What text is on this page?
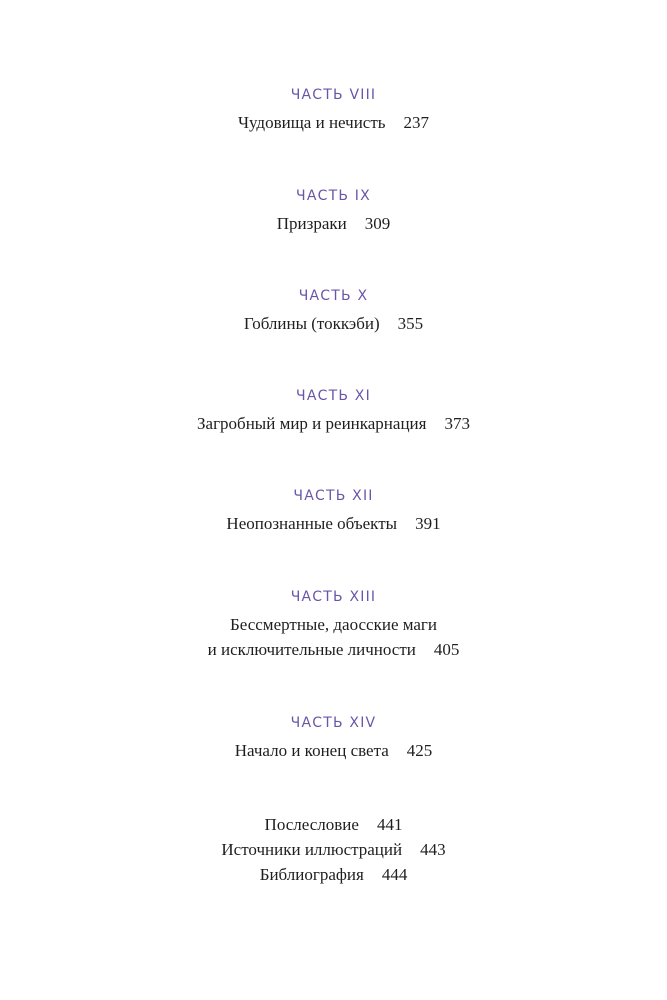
ЧАСТЬ VIII
Чудовища и нечисть 237
ЧАСТЬ IX
Призраки 309
ЧАСТЬ X
Гоблины (токкэби) 355
ЧАСТЬ XI
Загробный мир и реинкарнация 373
ЧАСТЬ XII
Неопознанные объекты 391
ЧАСТЬ XIII
Бессмертные, даосские маги
и исключительные личности 405
ЧАСТЬ XIV
Начало и конец света 425
Послесловие 441
Источники иллюстраций 443
Библиография 444
